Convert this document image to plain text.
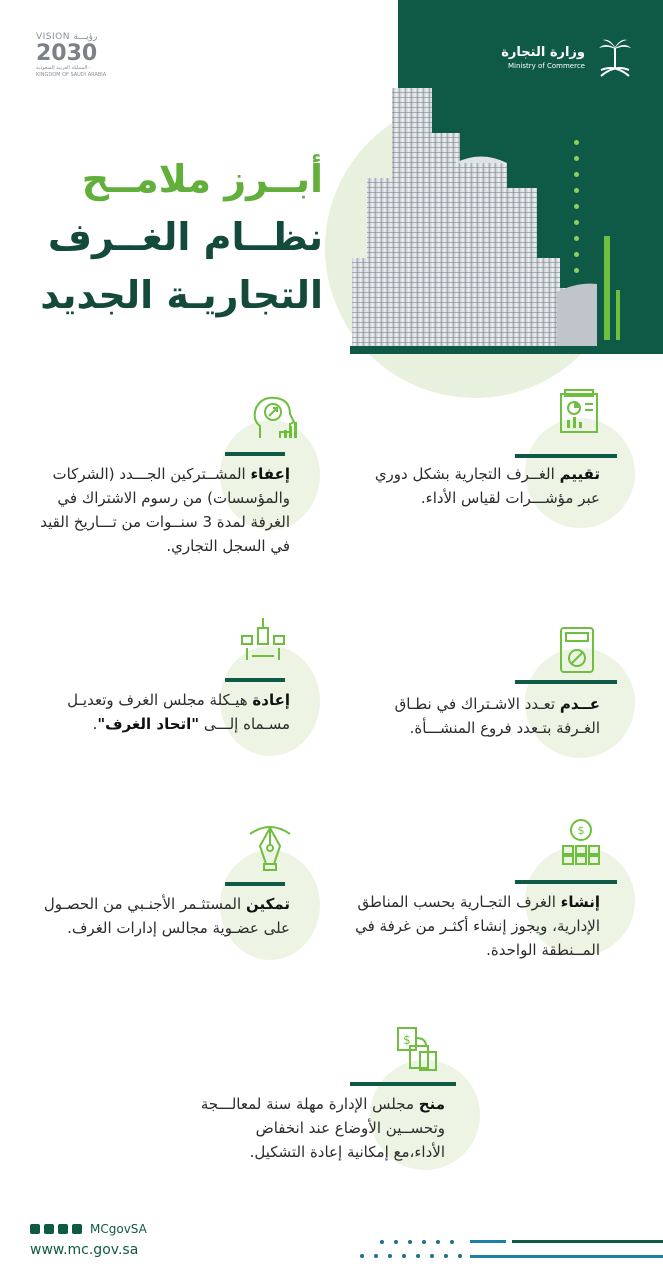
وزارة التجارة
Ministry of Commerce
VISION رؤيـــة
2030
المملكة العربية السعودية · KINGDOM OF SAUDI ARABIA
أبــرز ملامــح
نظــام الغــرف
التجاريـة الجديد
تقييم الغــرف التجارية بشكل دوري عبر مؤشـــرات لقياس الأداء.
إعفاء المشــتركين الجـــدد (الشركات والمؤسسات) من رسوم الاشتراك في الغرفة لمدة 3 سنــوات من تـــاريخ القيد في السجل التجاري.
عــدم تعـدد الاشـتراك في نطـاق الغـرفة بتـعدد فروع المنشـــأة.
إعادة هيـكلة مجلس الغرف وتعديـل مسـماه إلـــى "اتحاد الغرف".
$
إنشاء الغرف التجـارية بحسب المناطق الإدارية، ويجوز إنشاء أكثـر من غرفة في المــنطقة الواحدة.
تمكين المستثـمر الأجنـبي من الحصـول على عضـوية مجالس إدارات الغرف.
$
منح مجلس الإدارة مهلة سنة لمعالـــجة وتحســين الأوضاع عند انخفاض الأداء،مع إمكانية إعادة التشكيل.
MCgovSA
www.mc.gov.sa
